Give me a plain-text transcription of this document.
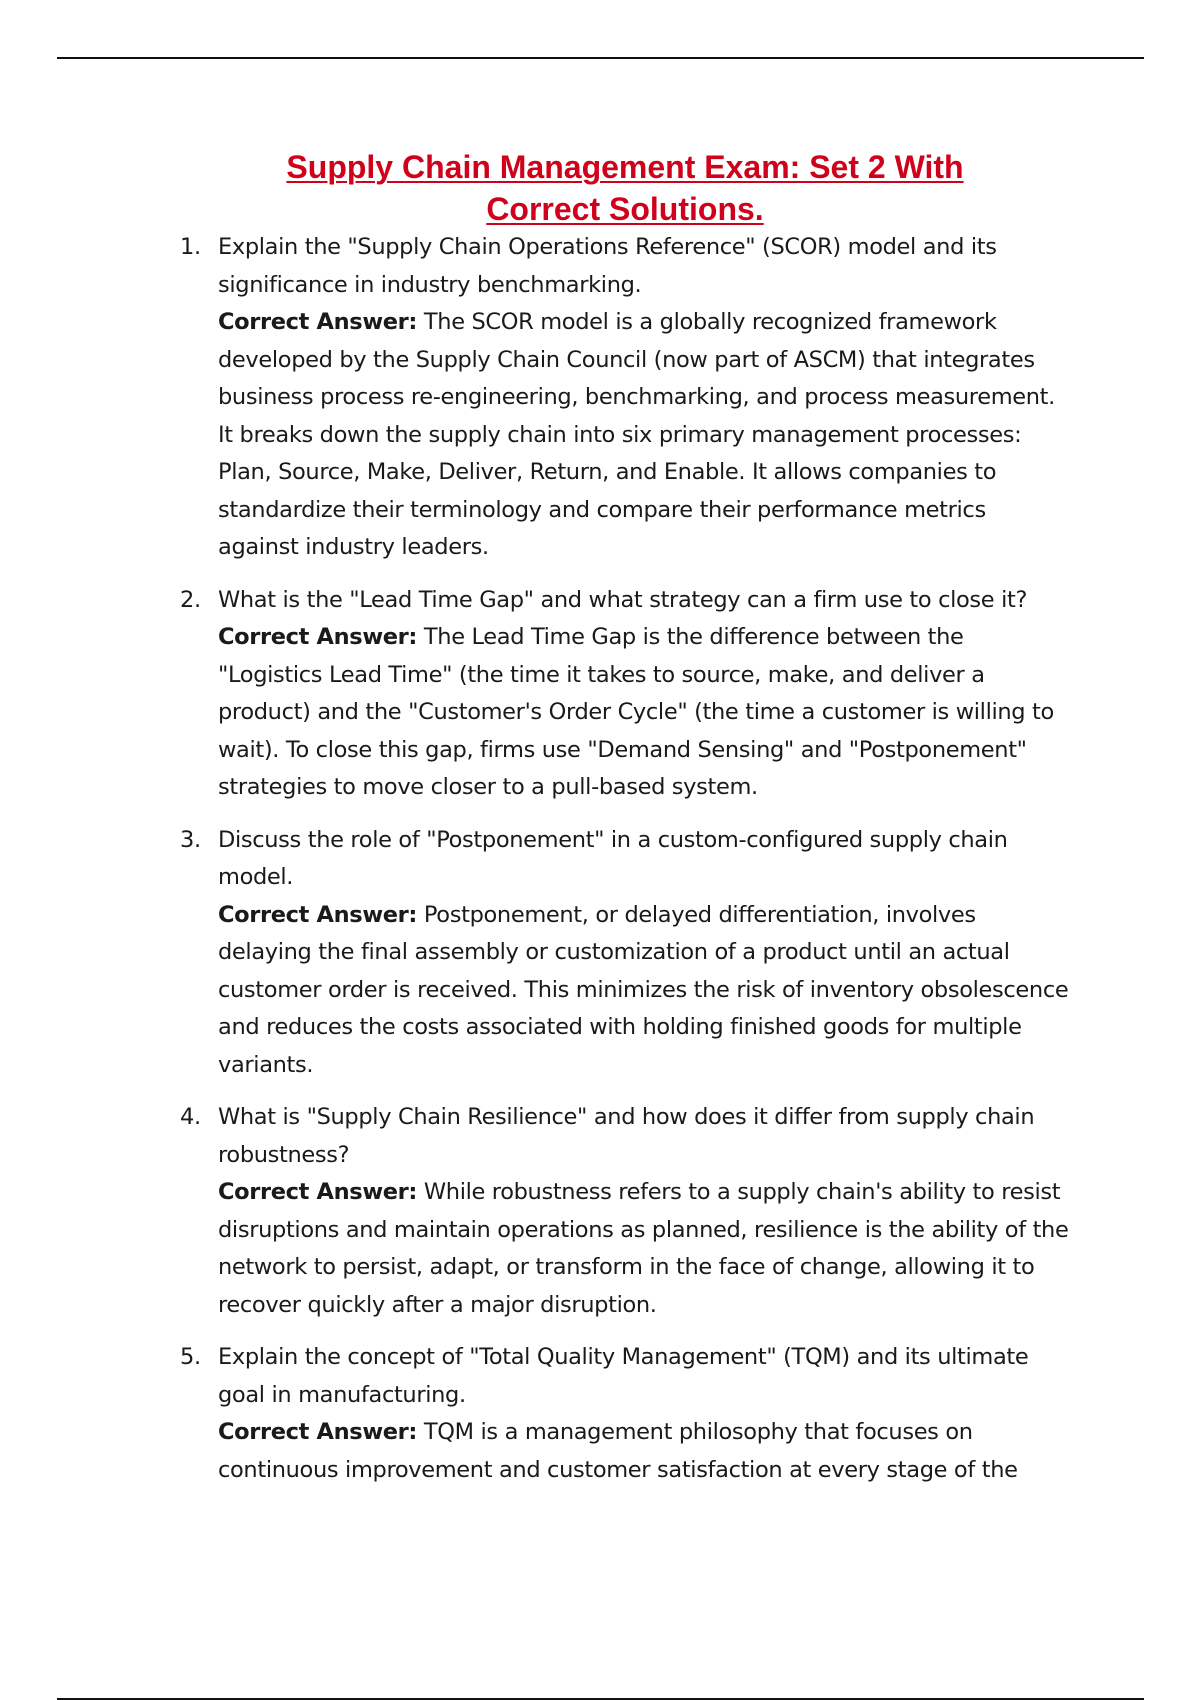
Supply Chain Management Exam: Set 2 With
Correct Solutions.
1. Explain the "Supply Chain Operations Reference" (SCOR) model and its significance in industry benchmarking.
Correct Answer: The SCOR model is a globally recognized framework developed by the Supply Chain Council (now part of ASCM) that integrates business process re-engineering, benchmarking, and process measurement. It breaks down the supply chain into six primary management processes: Plan, Source, Make, Deliver, Return, and Enable. It allows companies to standardize their terminology and compare their performance metrics against industry leaders.
2. What is the "Lead Time Gap" and what strategy can a firm use to close it?
Correct Answer: The Lead Time Gap is the difference between the "Logistics Lead Time" (the time it takes to source, make, and deliver a product) and the "Customer's Order Cycle" (the time a customer is willing to wait). To close this gap, firms use "Demand Sensing" and "Postponement" strategies to move closer to a pull-based system.
3. Discuss the role of "Postponement" in a custom-configured supply chain model.
Correct Answer: Postponement, or delayed differentiation, involves delaying the final assembly or customization of a product until an actual customer order is received. This minimizes the risk of inventory obsolescence and reduces the costs associated with holding finished goods for multiple variants.
4. What is "Supply Chain Resilience" and how does it differ from supply chain robustness?
Correct Answer: While robustness refers to a supply chain's ability to resist disruptions and maintain operations as planned, resilience is the ability of the network to persist, adapt, or transform in the face of change, allowing it to recover quickly after a major disruption.
5. Explain the concept of "Total Quality Management" (TQM) and its ultimate goal in manufacturing.
Correct Answer: TQM is a management philosophy that focuses on continuous improvement and customer satisfaction at every stage of the
